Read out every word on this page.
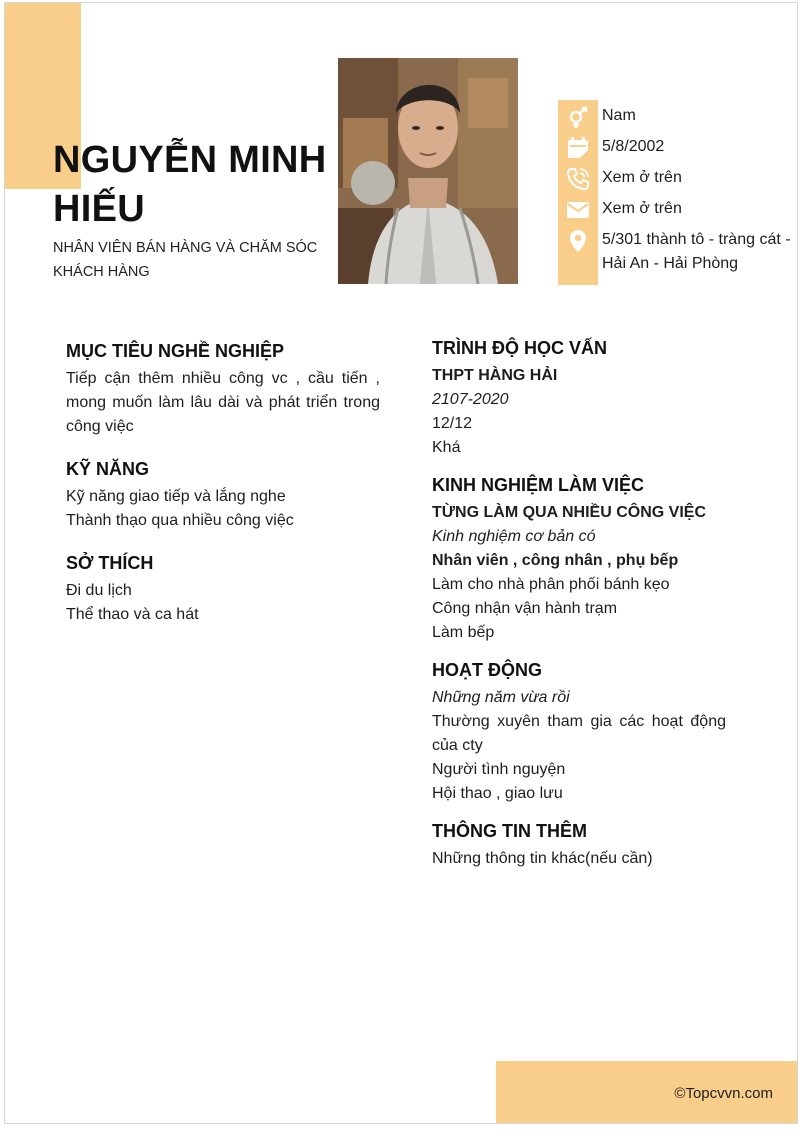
NGUYỄN MINH HIẾU

NHÂN VIÊN BÁN HÀNG VÀ CHĂM SÓC KHÁCH HÀNG

Nam
5/8/2002
Xem ở trên
Xem ở trên
5/301 thành tô - tràng cát - Hải An - Hải Phòng
MỤC TIÊU NGHỀ NGHIỆP

Tiếp cận thêm nhiều công vc , cầu tiến , mong muốn làm lâu dài và phát triển trong công việc

KỸ NĂNG

Kỹ năng giao tiếp và lắng nghe

Thành thạo qua nhiều công việc

SỞ THÍCH

Đi du lịch

Thể thao và ca hát

TRÌNH ĐỘ HỌC VẤN

THPT HÀNG HẢI

2107-2020

12/12

Khá

KINH NGHIỆM LÀM VIỆC

TỪNG LÀM QUA NHIỀU CÔNG VIỆC

Kinh nghiệm cơ bản có

Nhân viên , công nhân , phụ bếp

Làm cho nhà phân phối bánh kẹo

Công nhận vận hành trạm

Làm bếp

HOẠT ĐỘNG

Những năm vừa rồi

Thường xuyên tham gia các hoạt động của cty

Người tình nguyện

Hội thao , giao lưu

THÔNG TIN THÊM

Những thông tin khác(nếu cần)

©Topcvvn.com
